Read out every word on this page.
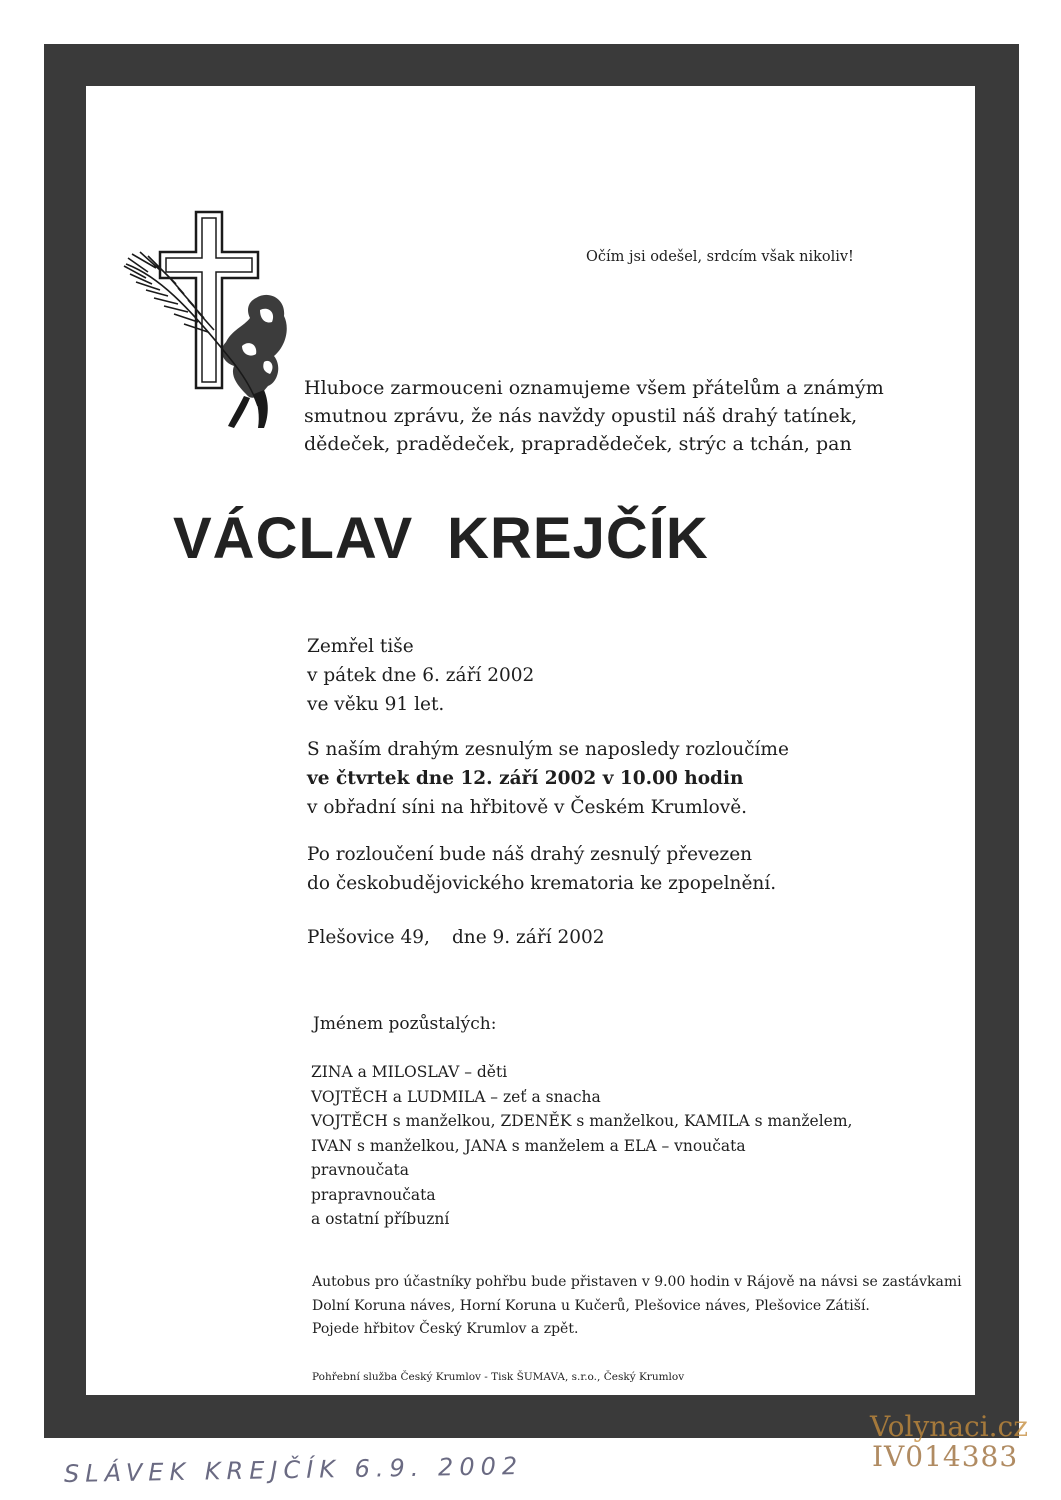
Očím jsi odešel, srdcím však nikoliv!
Hluboce zarmouceni oznamujeme všem přátelům a známým
smutnou zprávu, že nás navždy opustil náš drahý tatínek,
dědeček, pradědeček, prapradědeček, strýc a tchán, pan
VÁCLAV KREJČÍK
Zemřel tiše
v pátek dne 6. září 2002
ve věku 91 let.
S naším drahým zesnulým se naposledy rozloučíme
ve čtvrtek dne 12. září 2002 v 10.00 hodin
v obřadní síni na hřbitově v Českém Krumlově.
Po rozloučení bude náš drahý zesnulý převezen
do českobudějovického krematoria ke zpopelnění.
Plešovice 49, dne 9. září 2002
Jménem pozůstalých:
ZINA a MILOSLAV – děti
VOJTĚCH a LUDMILA – zeť a snacha
VOJTĚCH s manželkou, ZDENĚK s manželkou, KAMILA s manželem,
IVAN s manželkou, JANA s manželem a ELA – vnoučata
pravnoučata
prapravnoučata
a ostatní příbuzní
Autobus pro účastníky pohřbu bude přistaven v 9.00 hodin v Rájově na návsi se zastávkami
Dolní Koruna náves, Horní Koruna u Kučerů, Plešovice náves, Plešovice Zátiší.
Pojede hřbitov Český Krumlov a zpět.
Pohřební služba Český Krumlov - Tisk ŠUMAVA, s.r.o., Český Krumlov
Volynaci.cz
IV014383
SLÁVEK KREJČÍK 6.9. 2002
